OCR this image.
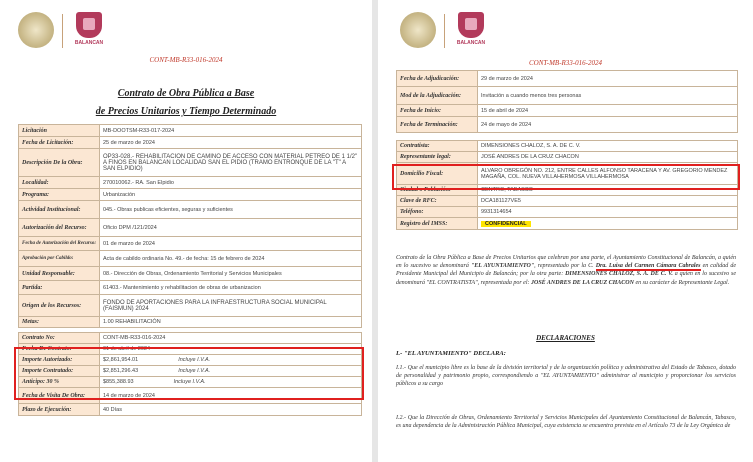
BALANCAN
CONT-MB-R33-016-2024
Contrato de Obra Pública a Base
de Precios Unitarios y Tiempo Determinado
Licitación	MB-DOOTSM-R33-017-2024
Fecha de Licitación:	25 de marzo de 2024
Descripción De la Obra:	OP33-028.- REHABILITACION DE CAMINO DE ACCESO CON MATERIAL PETREO DE 1 1/2" A FINOS EN BALANCAN LOCALIDAD SAN EL PIDIO (TRAMO ENTRONQUE DE LA "T" A SAN ELPIDIO)
Localidad:	270010062.- RA. San Elpidio
Programa:	Urbanización
Actividad Institucional:	045.- Obras publicas eficientes, seguras y suficientes
Autorización del Recurso:	Oficio DPM /121/2024
Fecha de Autorización del Recurso:	01 de marzo de 2024
Aprobación por Cabildo:	Acta de cabildo ordinaria No. 49.- de fecha: 15 de febrero de 2024
Unidad Responsable:	08.- Dirección de Obras, Ordenamiento Territorial y Servicios Municipales
Partida:	61403.- Mantenimiento y rehabilitacion de obras de urbanizacion
Origen de los Recursos:	FONDO DE APORTACIONES PARA LA INFRAESTRUCTURA SOCIAL MUNICIPAL (FAISMUN) 2024
Metas:	1.00 REHABILITACIÓN

Contrato No:	CONT-MB-R33-016-2024
Fecha De Contrato:	01 de abril de 2024
Importe Autorizado:	$2,861,954.01 Incluye I.V.A.
Importe Contratado:	$2,851,296.43 Incluye I.V.A.
Anticipo: 30 %	$855,388.93 Incluye I.V.A.
Fecha de Visita De Obra:	14 de marzo de 2024
Plazo de Ejecución:	40 Días
BALANCAN
CONT-MB-R33-016-2024
Fecha de Adjudicación:	29 de marzo de 2024
Mod de la Adjudicación:	Invitación a cuando menos tres personas
Fecha de Inicio:	15 de abril de 2024
Fecha de Terminación:	24 de mayo de 2024

Contratista:	DIMENSIONES CHALOZ, S. A. DE C. V.
Representante legal:	JOSÉ ANDRES DE LA CRUZ CHACON
Domicilio Fiscal:	ALVARO OBREGÓN NO. 212, ENTRE CALLES ALFONSO TARACENA Y AV. GREGORIO MENDEZ MAGAÑA, COL. NUEVA VILLAHERMOSA VILLAHERMOSA
Ciudad o Población:	CENTRO, TABASCO
Clave de RFC:	DCA181127VE5
Teléfono:	9931314654
Registro del IMSS:	CONFIDENCIAL
Contrato de la Obra Pública a Base de Precios Unitarios que celebran por una parte, el Ayuntamiento Constitucional de Balancán, a quién en lo sucesivo se denominará "EL AYUNTAMIENTO", representado por la C. Dra. Luisa del Carmen Cámara Cabrales en calidad de Presidente Municipal del Municipio de Balancán; por la otra parte: DIMENSIONES CHALOZ, S. A. DE C. V. a quien en lo sucesivo se denominará "EL CONTRATISTA", representada por el: JOSÉ ANDRES DE LA CRUZ CHACON en su carácter de Representante Legal.
DECLARACIONES
I.- "EL AYUNTAMIENTO" DECLARA:
I.1.- Que el municipio libre es la base de la división territorial y de la organización política y administrativa del Estado de Tabasco, dotado de personalidad y patrimonio propio, correspondiendo a "EL AYUNTAMIENTO" administrar al municipio y proporcionar los servicios públicos a su cargo
I.2.- Que la Dirección de Obras, Ordenamiento Territorial y Servicios Municipales del Ayuntamiento Constitucional de Balancán, Tabasco, es una dependencia de la Administración Pública Municipal, cuya existencia se encuentra prevista en el Artículo 73 de la Ley Orgánica de
